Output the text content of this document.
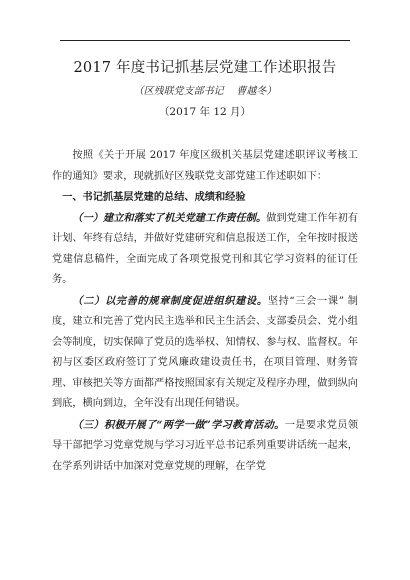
2017 年度书记抓基层党建工作述职报告
（区残联党支部书记    曹越冬）
（2017 年 12 月）

按照《关于开展 2017 年度区级机关基层党建述职评议考核工作的通知》要求，现就抓好区残联党支部党建工作述职如下：

一、书记抓基层党建的总结、成绩和经验

（一）建立和落实了机关党建工作责任制。做到党建工作年初有计划、年终有总结，并做好党建研究和信息报送工作，全年按时报送党建信息稿件，全面完成了各项党报党刊和其它学习资料的征订任务。

（二）以完善的规章制度促进组织建设。坚持“三会一课” 制度，建立和完善了党内民主选举和民主生活会、支部委员会、党小组会等制度，切实保障了党员的选举权、知情权、参与权、监督权。年初与区委区政府签订了党风廉政建设责任书，在项目管理、财务管理、审核把关等方面都严格按照国家有关规定及程序办理，做到纵向到底，横向到边，全年没有出现任何错误。

（三）积极开展了“两学一做”学习教育活动。一是要求党员领导干部把学习党章党规与学习习近平总书记系列重要讲话统一起来，在学系列讲话中加深对党章党规的理解，在学党
